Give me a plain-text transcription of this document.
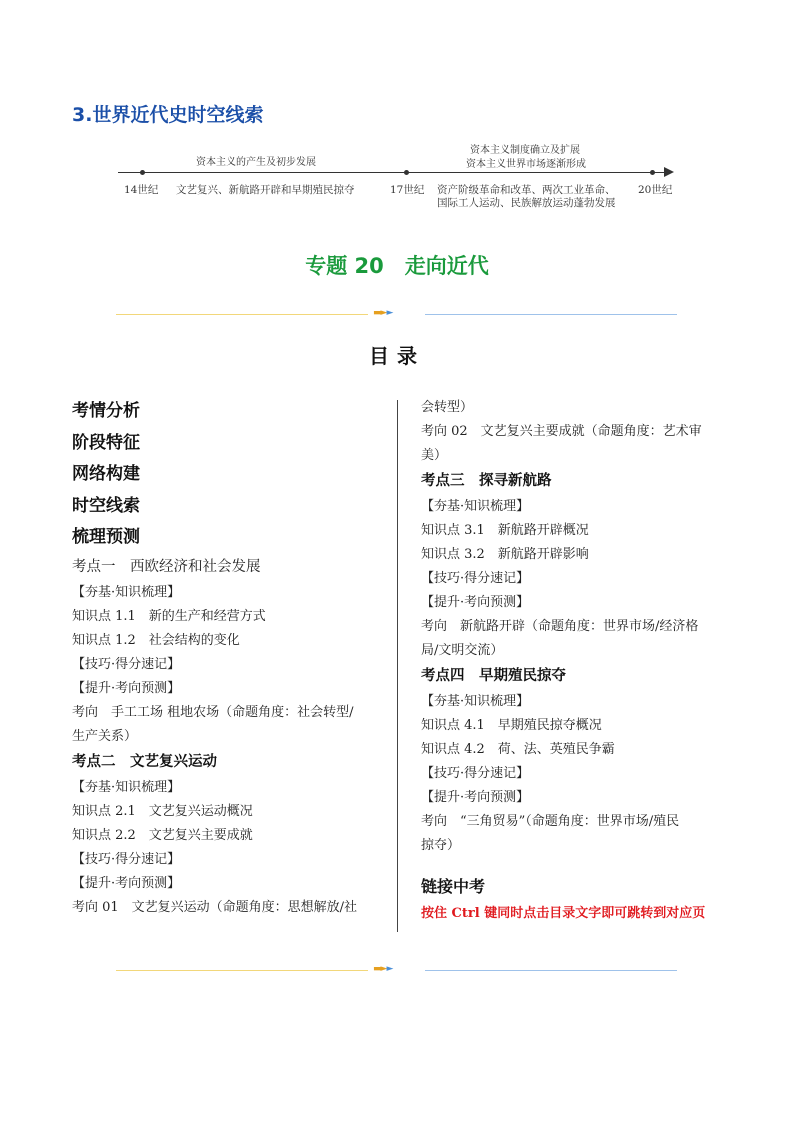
3.世界近代史时空线索
资本主义的产生及初步发展
资本主义制度确立及扩展
资本主义世界市场逐渐形成
14世纪 文艺复兴、新航路开辟和早期殖民掠夺	17世纪 资产阶级革命和改革、两次工业革命、
国际工人运动、民族解放运动蓬勃发展
20世纪
专题 20　走向近代
▬►►
目录
考情分析
阶段特征
网络构建
时空线索
梳理预测
考点一　西欧经济和社会发展
【夯基·知识梳理】
知识点 1.1　新的生产和经营方式
知识点 1.2　社会结构的变化
【技巧·得分速记】
【提升·考向预测】
考向　手工工场 租地农场（命题角度：社会转型/
生产关系）
考点二　文艺复兴运动
【夯基·知识梳理】
知识点 2.1　文艺复兴运动概况
知识点 2.2　文艺复兴主要成就
【技巧·得分速记】
【提升·考向预测】
考向 01　文艺复兴运动（命题角度：思想解放/社
会转型）
考向 02　文艺复兴主要成就（命题角度：艺术审
美）
考点三　探寻新航路
【夯基·知识梳理】
知识点 3.1　新航路开辟概况
知识点 3.2　新航路开辟影响
【技巧·得分速记】
【提升·考向预测】
考向　新航路开辟（命题角度：世界市场/经济格
局/文明交流）
考点四　早期殖民掠夺
【夯基·知识梳理】
知识点 4.1　早期殖民掠夺概况
知识点 4.2　荷、法、英殖民争霸
【技巧·得分速记】
【提升·考向预测】
考向　“三角贸易”（命题角度：世界市场/殖民
掠夺）
链接中考
按住 Ctrl 键同时点击目录文字即可跳转到对应页
▬►►
